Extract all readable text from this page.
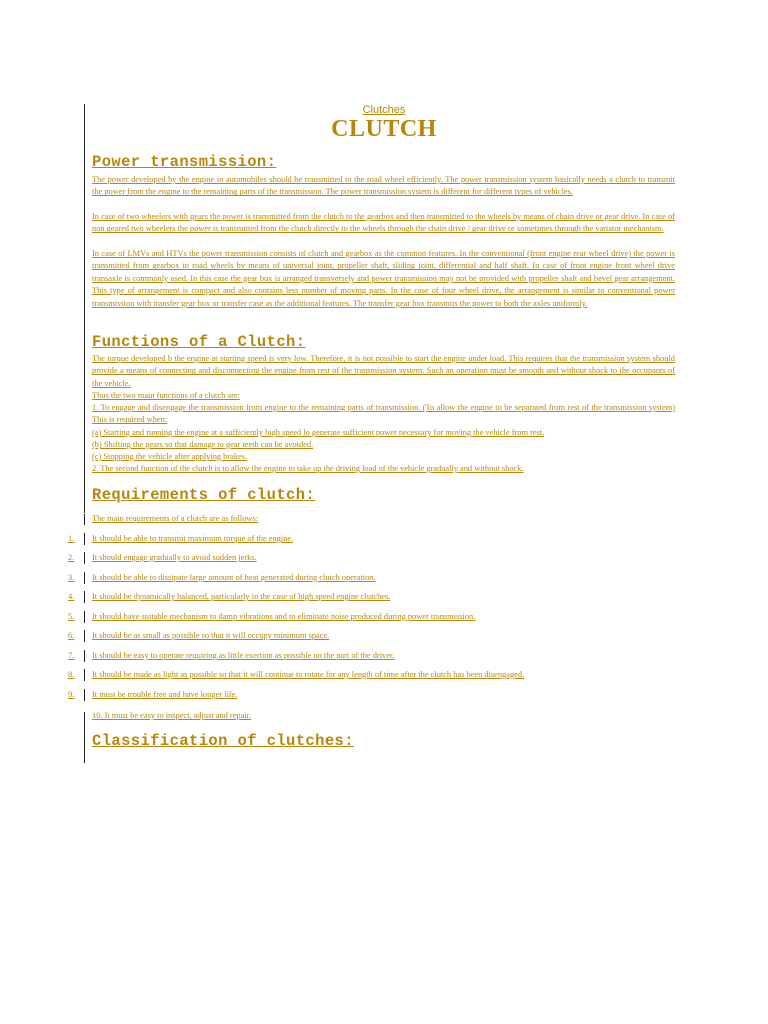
Clutches
CLUTCH
Power transmission:

The power developed by the engine in automobiles should be transmitted to the road wheel efficiently. The power transmission system basically needs a clutch to transmit the power from the engine to the remaining parts of the transmission. The power transmission system is different for different types of vehicles.

In case of two wheelers with gears the power is transmitted from the clutch to the gearbox and then transmitted to the wheels by means of chain drive or gear drive. In case of non geared two wheelers the power is transmitted from the clutch directly to the wheels through the chain drive / gear drive or sometimes through the variator mechanism.

In case of LMVs and HTVs the power transmission consists of clutch and gearbox as the common features. In the conventional (front engine rear wheel drive) the power is transmitted from gearbox to road wheels by means of universal joint, propeller shaft, sliding joint, differential and half shaft. In case of front engine front wheel drive transaxle is commonly used. In this case the gear box is arranged transversely and power transmission may not be provided with propeller shaft and bevel gear arrangement. This type of arrangement is compact and also contains less number of moving parts. In the case of four wheel drive, the arrangement is similar to conventional power transmission with transfer gear box or transfer case as the additional features. The transfer gear box transmits the power to both the axles uniformly.

Functions of a Clutch:

The torque developed b the engine at starting speed is very low. Therefore, it is not possible to start the engine under load. This requires that the transmission system should provide a means of connecting and disconnecting the engine from rest of the transmission system. Such an operation must be smooth and without shock to the occupants of the vehicle.

Thus the two main functions of a clutch are:

1. To engage and disengage the transmission from engine to the remaining parts of transmission. (To allow the engine to be separated from rest of the transmission system) This is required when:

(a) Starting and running the engine at a sufficiently high speed lo generate sufficient power necessary for moving the vehicle from rest.

(b) Shifting the gears so that damage to gear teeth can be avoided.

(c) Stopping the vehicle after applying brakes.

2. The second function of the clutch is to allow the engine to take up the driving load of the vehicle gradually and without shock.

Requirements of clutch:

The main requirements of a clutch are as follows:

1.	It should be able to transmit maximum torque of the engine.
2.	It should engage gradually to avoid sudden jerks.
3.	It should be able to dissipate large amount of heat generated during clutch operation.
4.	It should be dynamically balanced, particularly in the case of high speed engine clutches.
5.	It should have suitable mechanism to damp vibrations and to eliminate noise produced during power transmission.
6.	It should be as small as possible so that it will occupy minimum space.
7.	It should be easy to operate requiring as little exertion as possible on the part of the driver.
8.	It should be made as light as possible so that it will continue to rotate for any length of time after the clutch has been disengaged.
9.	It must be trouble free and have longer life.

10. It must be easy to inspect, adjust and repair.

Classification of clutches:
